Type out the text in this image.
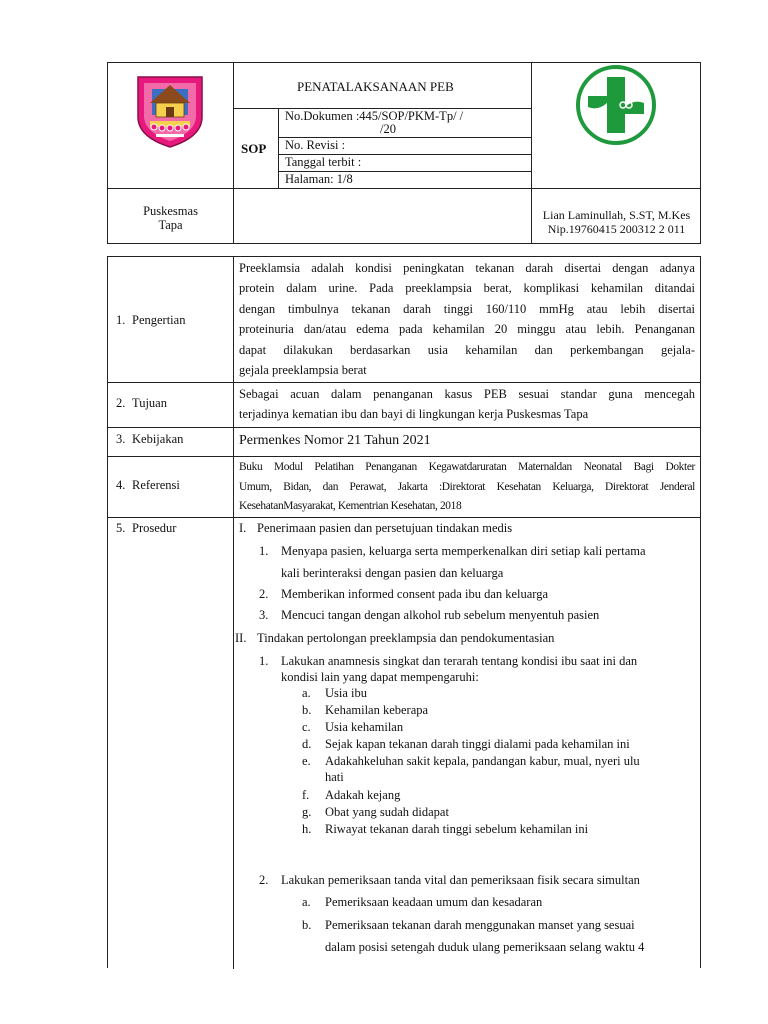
PENATALAKSANAAN PEB
SOP
No.Dokumen :445/SOP/PKM-Tp/ /
/20
No. Revisi :
Tanggal terbit :
Halaman: 1/8
Puskesmas
Tapa
Lian Laminullah, S.ST, M.Kes
Nip.19760415 200312 2 011
1. Pengertian
Preeklamsia adalah kondisi peningkatan tekanan darah disertai dengan adanya
protein dalam urine. Pada preeklampsia berat, komplikasi kehamilan ditandai
dengan timbulnya tekanan darah tinggi 160/110 mmHg atau lebih disertai
proteinuria dan/atau edema pada kehamilan 20 minggu atau lebih. Penanganan
dapat dilakukan berdasarkan usia kehamilan dan perkembangan gejala-
gejala preeklampsia berat
2. Tujuan
Sebagai acuan dalam penanganan kasus PEB sesuai standar guna mencegah
terjadinya kematian ibu dan bayi di lingkungan kerja Puskesmas Tapa
3. Kebijakan	Permenkes Nomor 21 Tahun 2021
4. Referensi
Buku Modul Pelatihan Penanganan Kegawatdaruratan Maternaldan Neonatal Bagi Dokter
Umum, Bidan, dan Perawat, Jakarta :Direktorat Kesehatan Keluarga, Direktorat Jenderal
KesehatanMasyarakat, Kementrian Kesehatan, 2018
5. Prosedur	I. Penerimaan pasien dan persetujuan tindakan medis
1. Menyapa pasien, keluarga serta memperkenalkan diri setiap kali pertama
kali berinteraksi dengan pasien dan keluarga
2. Memberikan informed consent pada ibu dan keluarga
3. Mencuci tangan dengan alkohol rub sebelum menyentuh pasien
II. Tindakan pertolongan preeklampsia dan pendokumentasian
1. Lakukan anamnesis singkat dan terarah tentang kondisi ibu saat ini dan
kondisi lain yang dapat mempengaruhi:
a. Usia ibu
b. Kehamilan keberapa
c. Usia kehamilan
d. Sejak kapan tekanan darah tinggi dialami pada kehamilan ini
e. Adakahkeluhan sakit kepala, pandangan kabur, mual, nyeri ulu
hati
f. Adakah kejang
g. Obat yang sudah didapat
h. Riwayat tekanan darah tinggi sebelum kehamilan ini
2. Lakukan pemeriksaan tanda vital dan pemeriksaan fisik secara simultan
a. Pemeriksaan keadaan umum dan kesadaran
b. Pemeriksaan tekanan darah menggunakan manset yang sesuai
dalam posisi setengah duduk ulang pemeriksaan selang waktu 4
